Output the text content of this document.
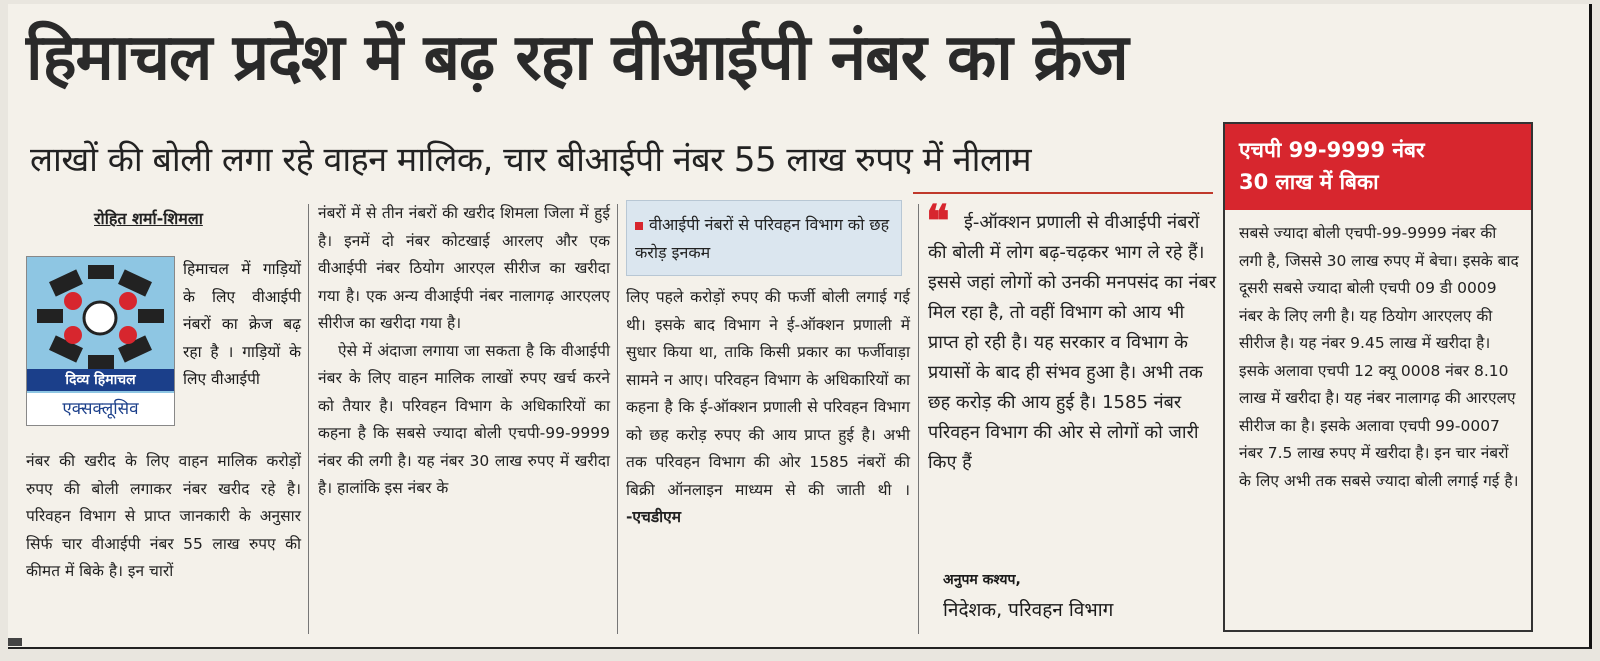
हिमाचल प्रदेश में बढ़ रहा वीआईपी नंबर का क्रेज
लाखों की बोली लगा रहे वाहन मालिक, चार बीआईपी नंबर 55 लाख रुपए में नीलाम
रोहित शर्मा-शिमला
दिव्य हिमाचल
एक्सक्लूसिव
हिमाचल में गाड़ियों के लिए वीआईपी नंबरों का क्रेज बढ़ रहा है । गाड़ियों के लिए वीआईपी

नंबर की खरीद के लिए वाहन मालिक करोड़ों रुपए की बोली लगाकर नंबर खरीद रहे है। परिवहन विभाग से प्राप्त जानकारी के अनुसार सिर्फ चार वीआईपी नंबर 55 लाख रुपए की कीमत में बिके है। इन चारों

नंबरों में से तीन नंबरों की खरीद शिमला जिला में हुई है। इनमें दो नंबर कोटखाई आरलए और एक वीआईपी नंबर ठियोग आरएल सीरीज का खरीदा गया है। एक अन्य वीआईपी नंबर नालागढ़ आरएलए सीरीज का खरीदा गया है।

ऐसे में अंदाजा लगाया जा सकता है कि वीआईपी नंबर के लिए वाहन मालिक लाखों रुपए खर्च करने को तैयार है। परिवहन विभाग के अधिकारियों का कहना है कि सबसे ज्यादा बोली एचपी-99-9999 नंबर की लगी है। यह नंबर 30 लाख रुपए में खरीदा है। हालांकि इस नंबर के

वीआईपी नंबरों से परिवहन विभाग को छह करोड़ इनकम

लिए पहले करोड़ों रुपए की फर्जी बोली लगाई गई थी। इसके बाद विभाग ने ई-ऑक्शन प्रणाली में सुधार किया था, ताकि किसी प्रकार का फर्जीवाड़ा सामने न आए। परिवहन विभाग के अधिकारियों का कहना है कि ई-ऑक्शन प्रणाली से परिवहन विभाग को छह करोड़ रुपए की आय प्राप्त हुई है। अभी तक परिवहन विभाग की ओर 1585 नंबरों की बिक्री ऑनलाइन माध्यम से की जाती थी । -एचडीएम

❝ ई-ऑक्शन प्रणाली से वीआईपी नंबरों की बोली में लोग बढ़-चढ़कर भाग ले रहे हैं। इससे जहां लोगों को उनकी मनपसंद का नंबर मिल रहा है, तो वहीं विभाग को आय भी प्राप्त हो रही है। यह सरकार व विभाग के प्रयासों के बाद ही संभव हुआ है। अभी तक छह करोड़ की आय हुई है। 1585 नंबर परिवहन विभाग की ओर से लोगों को जारी किए हैं
अनुपम कश्यप,
निदेशक, परिवहन विभाग
एचपी 99-9999 नंबर
30 लाख में बिका
सबसे ज्यादा बोली एचपी-99-9999 नंबर की लगी है, जिससे 30 लाख रुपए में बेचा। इसके बाद दूसरी सबसे ज्यादा बोली एचपी 09 डी 0009 नंबर के लिए लगी है। यह ठियोग आरएलए की सीरीज है। यह नंबर 9.45 लाख में खरीदा है। इसके अलावा एचपी 12 क्यू 0008 नंबर 8.10 लाख में खरीदा है। यह नंबर नालागढ़ की आरएलए सीरीज का है। इसके अलावा एचपी 99-0007 नंबर 7.5 लाख रुपए में खरीदा है। इन चार नंबरों के लिए अभी तक सबसे ज्यादा बोली लगाई गई है।
